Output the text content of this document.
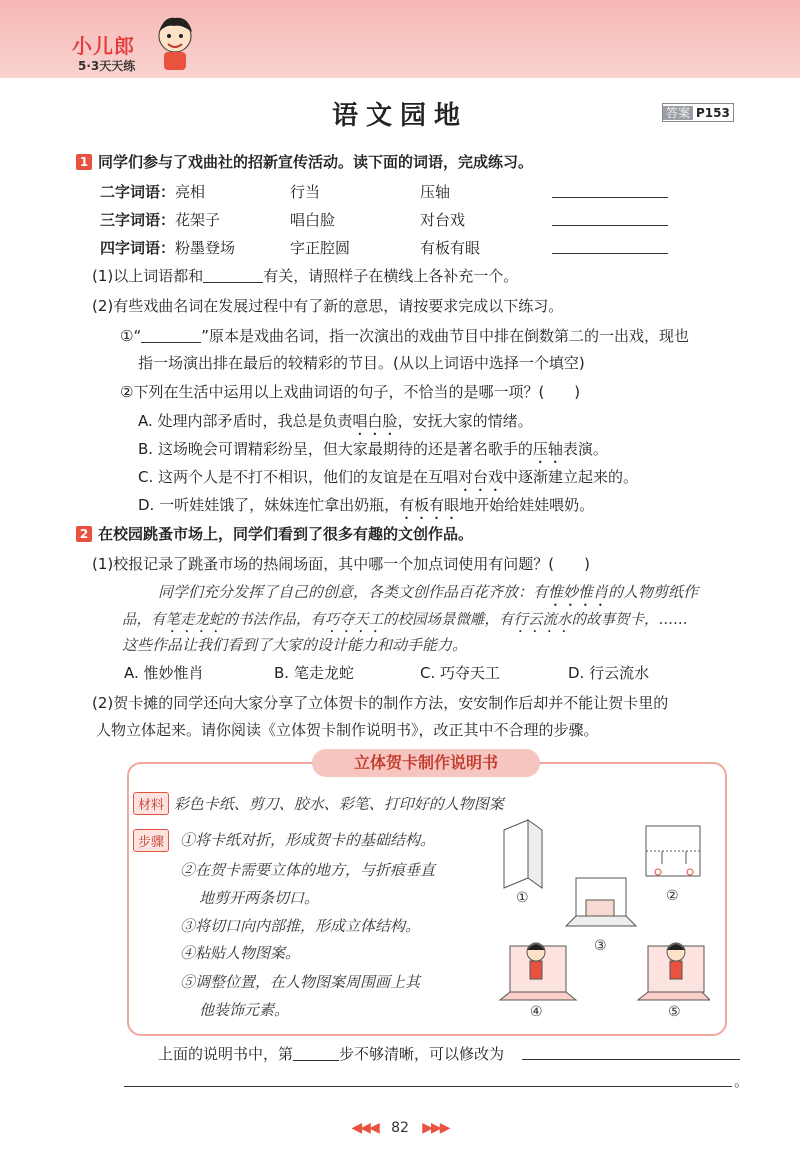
小儿郎
5·3天天练
语文园地	答案 P153
1 同学们参与了戏曲社的招新宣传活动。读下面的词语，完成练习。
二字词语：亮相	行当	压轴
三字词语：花架子	唱白脸	对台戏
四字词语：粉墨登场	字正腔圆	有板有眼
(1)以上词语都和	有关，请照样子在横线上各补充一个。
(2)有些戏曲名词在发展过程中有了新的意思，请按要求完成以下练习。
①“	”原本是戏曲名词，指一次演出的戏曲节目中排在倒数第二的一出戏，现也
指一场演出排在最后的较精彩的节目。(从以上词语中选择一个填空)
②下列在生活中运用以上戏曲词语的句子，不恰当的是哪一项？(　　)
A. 处理内部矛盾时，我总是负责唱白脸，安抚大家的情绪。
B. 这场晚会可谓精彩纷呈，但大家最期待的还是著名歌手的压轴表演。
C. 这两个人是不打不相识，他们的友谊是在互唱对台戏中逐渐建立起来的。
D. 一听娃娃饿了，妹妹连忙拿出奶瓶，有板有眼地开始给娃娃喂奶。
2 在校园跳蚤市场上，同学们看到了很多有趣的文创作品。
(1)校报记录了跳蚤市场的热闹场面，其中哪一个加点词使用有问题？(　　)
同学们充分发挥了自己的创意，各类文创作品百花齐放：有惟妙惟肖的人物剪纸作
品，有笔走龙蛇的书法作品，有巧夺天工的校园场景微雕，有行云流水的故事贺卡，……
这些作品让我们看到了大家的设计能力和动手能力。
A. 惟妙惟肖	B. 笔走龙蛇	C. 巧夺天工	D. 行云流水
(2)贺卡摊的同学还向大家分享了立体贺卡的制作方法，安安制作后却并不能让贺卡里的
人物立体起来。请你阅读《立体贺卡制作说明书》，改正其中不合理的步骤。
立体贺卡制作说明书
材料 彩色卡纸、剪刀、胶水、彩笔、打印好的人物图案
步骤	①将卡纸对折，形成贺卡的基础结构。
②在贺卡需要立体的地方，与折痕垂直
地剪开两条切口。
③将切口向内部推，形成立体结构。
④粘贴人物图案。
⑤调整位置，在人物图案周围画上其
他装饰元素。
①	②
③
④	⑤
上面的说明书中，第	步不够清晰，可以修改为
。
◀◀◀ 82 ▶▶▶
